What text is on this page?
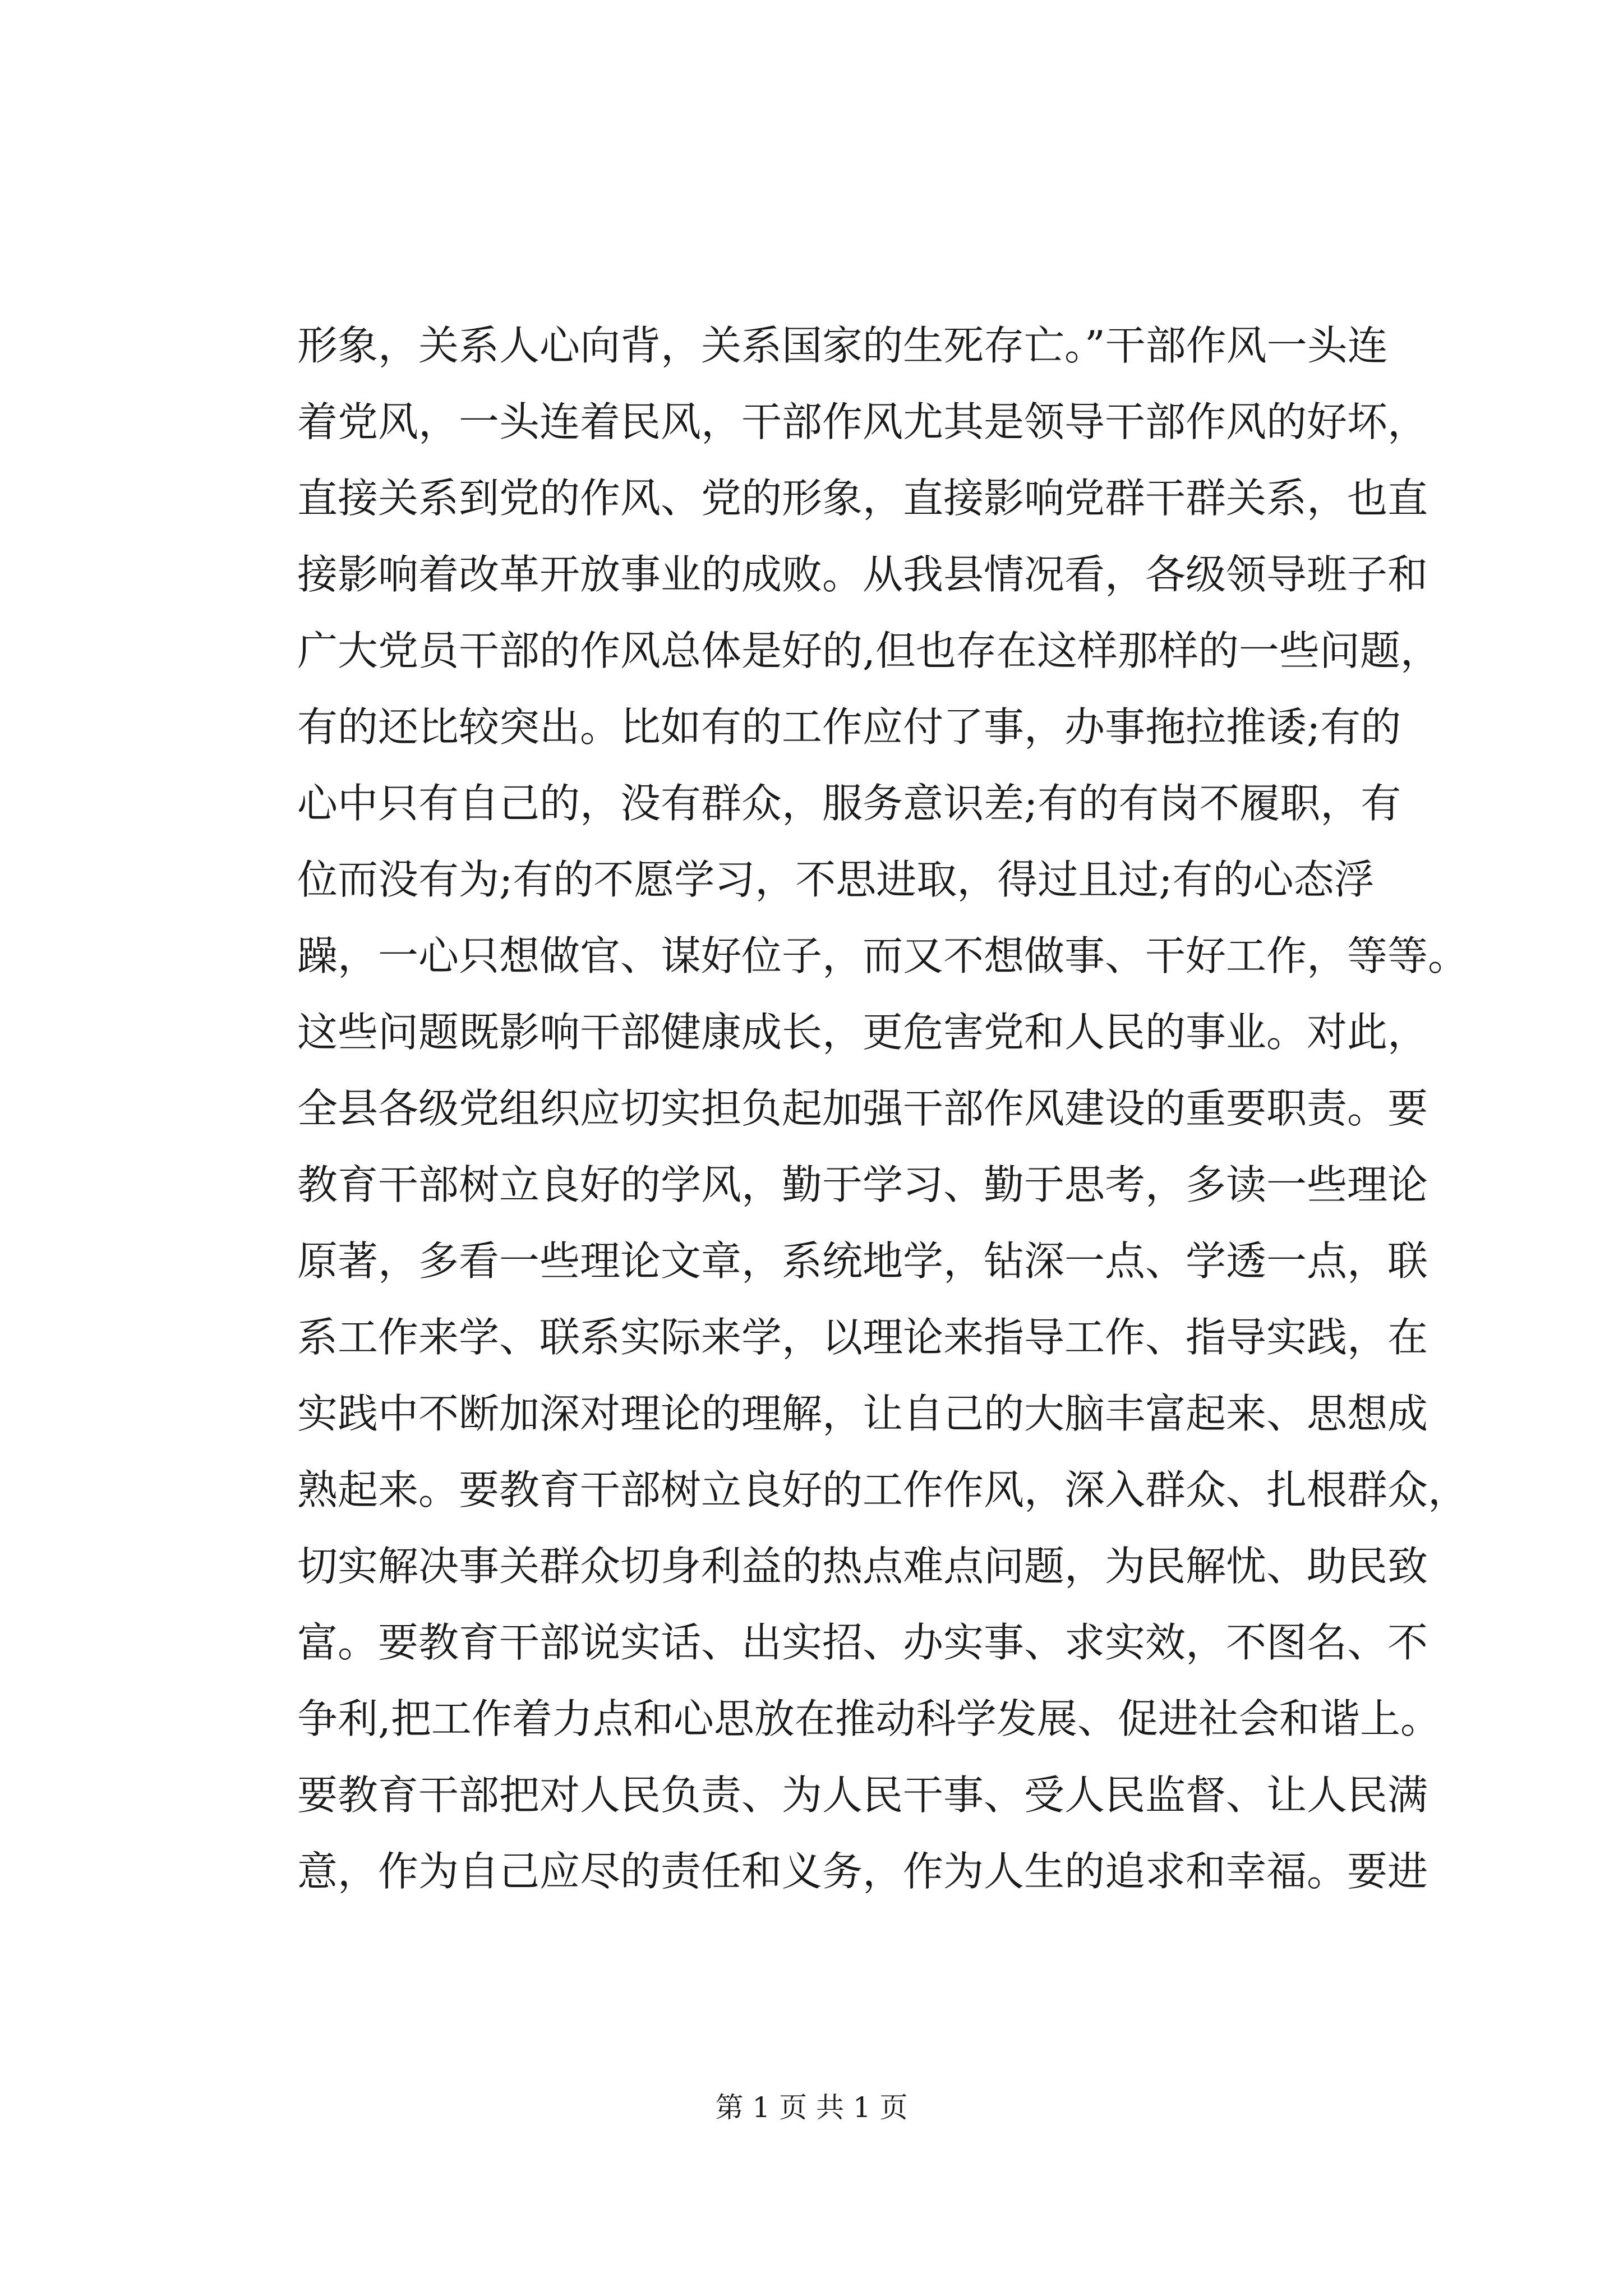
形象，关系人心向背，关系国家的生死存亡。”干部作风一头连
着党风，一头连着民风，干部作风尤其是领导干部作风的好坏，
直接关系到党的作风、党的形象，直接影响党群干群关系，也直
接影响着改革开放事业的成败。从我县情况看，各级领导班子和
广大党员干部的作风总体是好的,但也存在这样那样的一些问题，
有的还比较突出。比如有的工作应付了事，办事拖拉推诿;有的
心中只有自己的，没有群众，服务意识差;有的有岗不履职，有
位而没有为;有的不愿学习，不思进取，得过且过;有的心态浮
躁，一心只想做官、谋好位子，而又不想做事、干好工作，等等。
这些问题既影响干部健康成长，更危害党和人民的事业。对此，
全县各级党组织应切实担负起加强干部作风建设的重要职责。要
教育干部树立良好的学风，勤于学习、勤于思考，多读一些理论
原著，多看一些理论文章，系统地学，钻深一点、学透一点，联
系工作来学、联系实际来学，以理论来指导工作、指导实践，在
实践中不断加深对理论的理解，让自己的大脑丰富起来、思想成
熟起来。要教育干部树立良好的工作作风，深入群众、扎根群众，
切实解决事关群众切身利益的热点难点问题，为民解忧、助民致
富。要教育干部说实话、出实招、办实事、求实效，不图名、不
争利,把工作着力点和心思放在推动科学发展、促进社会和谐上。
要教育干部把对人民负责、为人民干事、受人民监督、让人民满
意，作为自己应尽的责任和义务，作为人生的追求和幸福。要进
第 1 页 共 1 页
